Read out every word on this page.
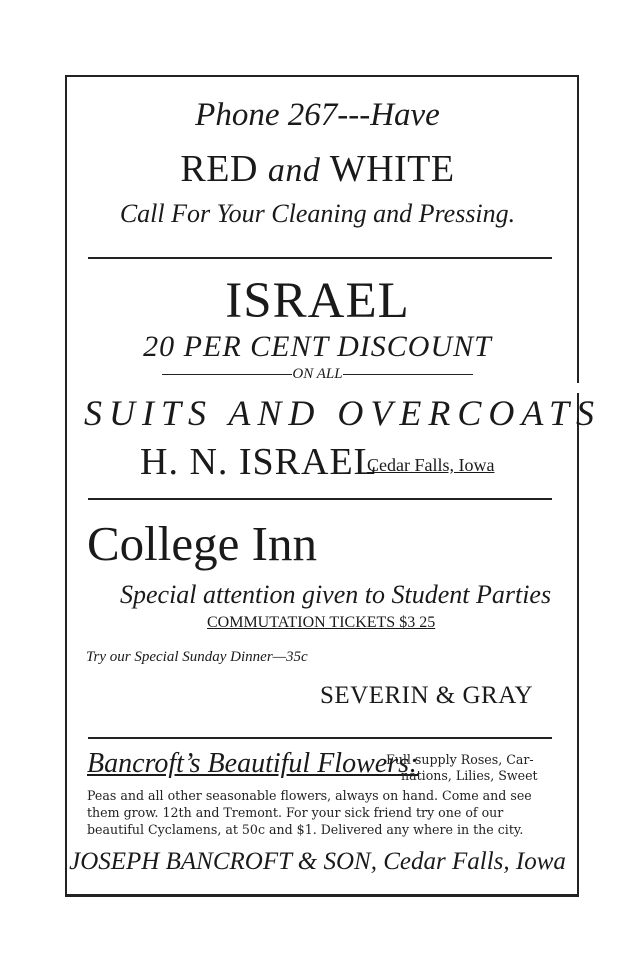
Phone 267---Have
RED and WHITE
Call For Your Cleaning and Pressing.
ISRAEL
20 PER CENT DISCOUNT
ON ALL
SUITS AND OVERCOATS
H. N. ISRAEL
Cedar Falls, Iowa
College Inn
Special attention given to Student Parties
COMMUTATION TICKETS $3 25
Try our Special Sunday Dinner—35c
SEVERIN & GRAY
Bancroft’s Beautiful Flowers:
Full supply Roses, Car-
nations, Lilies, Sweet
Peas and all other seasonable flowers, always on hand. Come and see
them grow. 12th and Tremont. For your sick friend try one of our
beautiful Cyclamens, at 50c and $1. Delivered any where in the city.
JOSEPH BANCROFT & SON, Cedar Falls, Iowa
